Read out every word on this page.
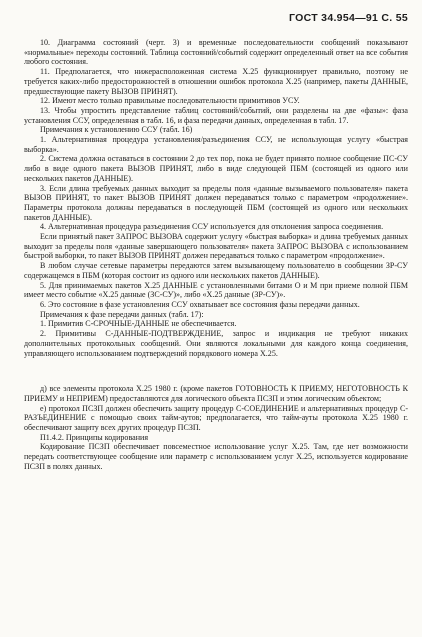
ГОСТ 34.954—91 С. 55

10. Диаграмма состояний (черт. 3) и временные последовательности сообщений показывают «нормальные» переходы состояний. Таблица состояний/событий содержит определенный ответ на все события любого состояния.

11. Предполагается, что нижерасположенная система Х.25 функционирует правильно, поэтому не требуется каких-либо предосторожностей в отношении ошибок протокола Х.25 (например, пакеты ДАННЫЕ, предшествующие пакету ВЫЗОВ ПРИНЯТ).

12. Имеют место только правильные последовательности примитивов УСУ.

13. Чтобы упростить представление таблиц состояний/событий, они разделены на две «фазы»: фаза установления ССУ, определенная в табл. 16, и фаза передачи данных, определенная в табл. 17.

Примечания к установлению ССУ (табл. 16)

1. Альтернативная процедура установления/разъединения ССУ, не использующая услугу «быстрая выборка».

2. Система должна оставаться в состоянии 2 до тех пор, пока не будет принято полное сообщение ПС-СУ либо в виде одного пакета ВЫЗОВ ПРИНЯТ, либо в виде следующей ПБМ (состоящей из одного или нескольких пакетов ДАННЫЕ).

3. Если длина требуемых данных выходит за пределы поля «данные вызываемого пользователя» пакета ВЫЗОВ ПРИНЯТ, то пакет ВЫЗОВ ПРИНЯТ должен передаваться только с параметром «продолжение». Параметры протокола должны передаваться в последующей ПБМ (состоящей из одного или нескольких пакетов ДАННЫЕ).

4. Альтернативная процедура разъединения ССУ используется для отклонения запроса соединения.

Если принятый пакет ЗАПРОС ВЫЗОВА содержит услугу «быстрая выборка» и длина требуемых данных выходит за пределы поля «данные завершающего пользователя» пакета ЗАПРОС ВЫЗОВА с использованием быстрой выборки, то пакет ВЫЗОВ ПРИНЯТ должен передаваться только с параметром «продолжение».

В любом случае сетевые параметры передаются затем вызывающему пользователю в сообщении ЗР-СУ содержащемся в ПБМ (которая состоит из одного или нескольких пакетов ДАННЫЕ).

5. Для принимаемых пакетов Х.25 ДАННЫЕ с установленными битами О и М при приеме полной ПБМ имеет место событие «Х.25 данные (ЗС-СУ)», либо «Х.25 данные (ЗР-СУ)».

6. Это состояние в фазе установления ССУ охватывает все состояния фазы передачи данных.

Примечания к фазе передачи данных (табл. 17):

1. Примитив С-СРОЧНЫЕ-ДАННЫЕ не обеспечивается.

2. Примитивы С-ДАННЫЕ-ПОДТВЕРЖДЕНИЕ, запрос и индикация не требуют никаких дополнительных протокольных сообщений. Они являются локальными для каждого конца соединения, управляющего использованием подтверждений порядкового номера Х.25.

д) все элементы протокола Х.25 1980 г. (кроме пакетов ГОТОВНОСТЬ К ПРИЕМУ, НЕГОТОВНОСТЬ К ПРИЕМУ и НЕПРИЕМ) предоставляются для логического объекта ПСЗП и этим логическим объектом;

е) протокол ПСЗП должен обеспечить защиту процедур С-СОЕДИНЕНИЕ и альтернативных процедур С-РАЗЪЕДИНЕНИЕ с помощью своих тайм-аутов; предполагается, что тайм-ауты протокола Х.25 1980 г. обеспечивают защиту всех других процедур ПСЗП.

П1.4.2. Принципы кодирования

Кодирование ПСЗП обеспечивает повсеместное использование услуг Х.25. Там, где нет возможности передать соответствующее сообщение или параметр с использованием услуг Х.25, используется кодирование ПСЗП в полях данных.
